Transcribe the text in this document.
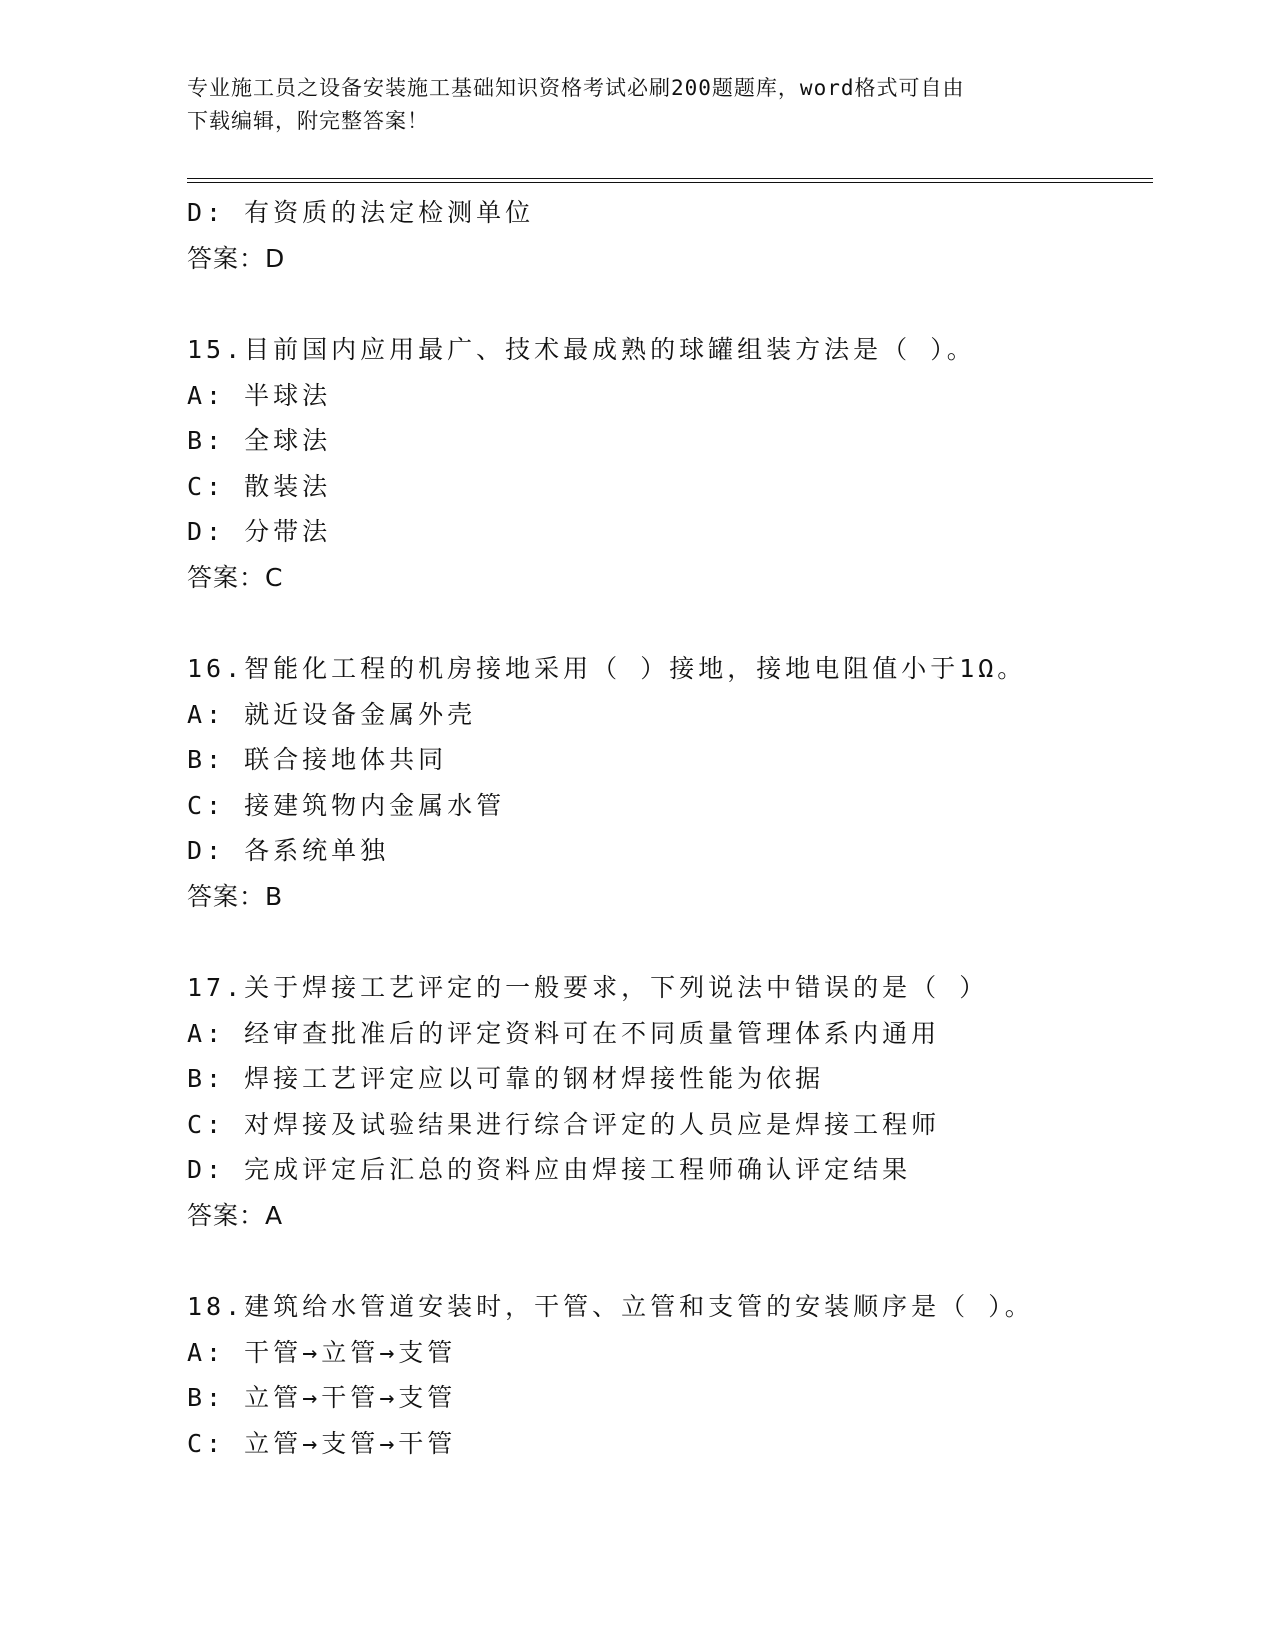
专业施工员之设备安装施工基础知识资格考试必刷200题题库，word格式可自由
下载编辑，附完整答案！
D: 有资质的法定检测单位
答案：D
15.目前国内应用最广、技术最成熟的球罐组装方法是（ ）。
A: 半球法
B: 全球法
C: 散装法
D: 分带法
答案：C
16.智能化工程的机房接地采用（ ）接地，接地电阻值小于1Ω。
A: 就近设备金属外壳
B: 联合接地体共同
C: 接建筑物内金属水管
D: 各系统单独
答案：B
17.关于焊接工艺评定的一般要求，下列说法中错误的是（ ）
A: 经审查批准后的评定资料可在不同质量管理体系内通用
B: 焊接工艺评定应以可靠的钢材焊接性能为依据
C: 对焊接及试验结果进行综合评定的人员应是焊接工程师
D: 完成评定后汇总的资料应由焊接工程师确认评定结果
答案：A
18.建筑给水管道安装时，干管、立管和支管的安装顺序是（ ）。
A: 干管→立管→支管
B: 立管→干管→支管
C: 立管→支管→干管
